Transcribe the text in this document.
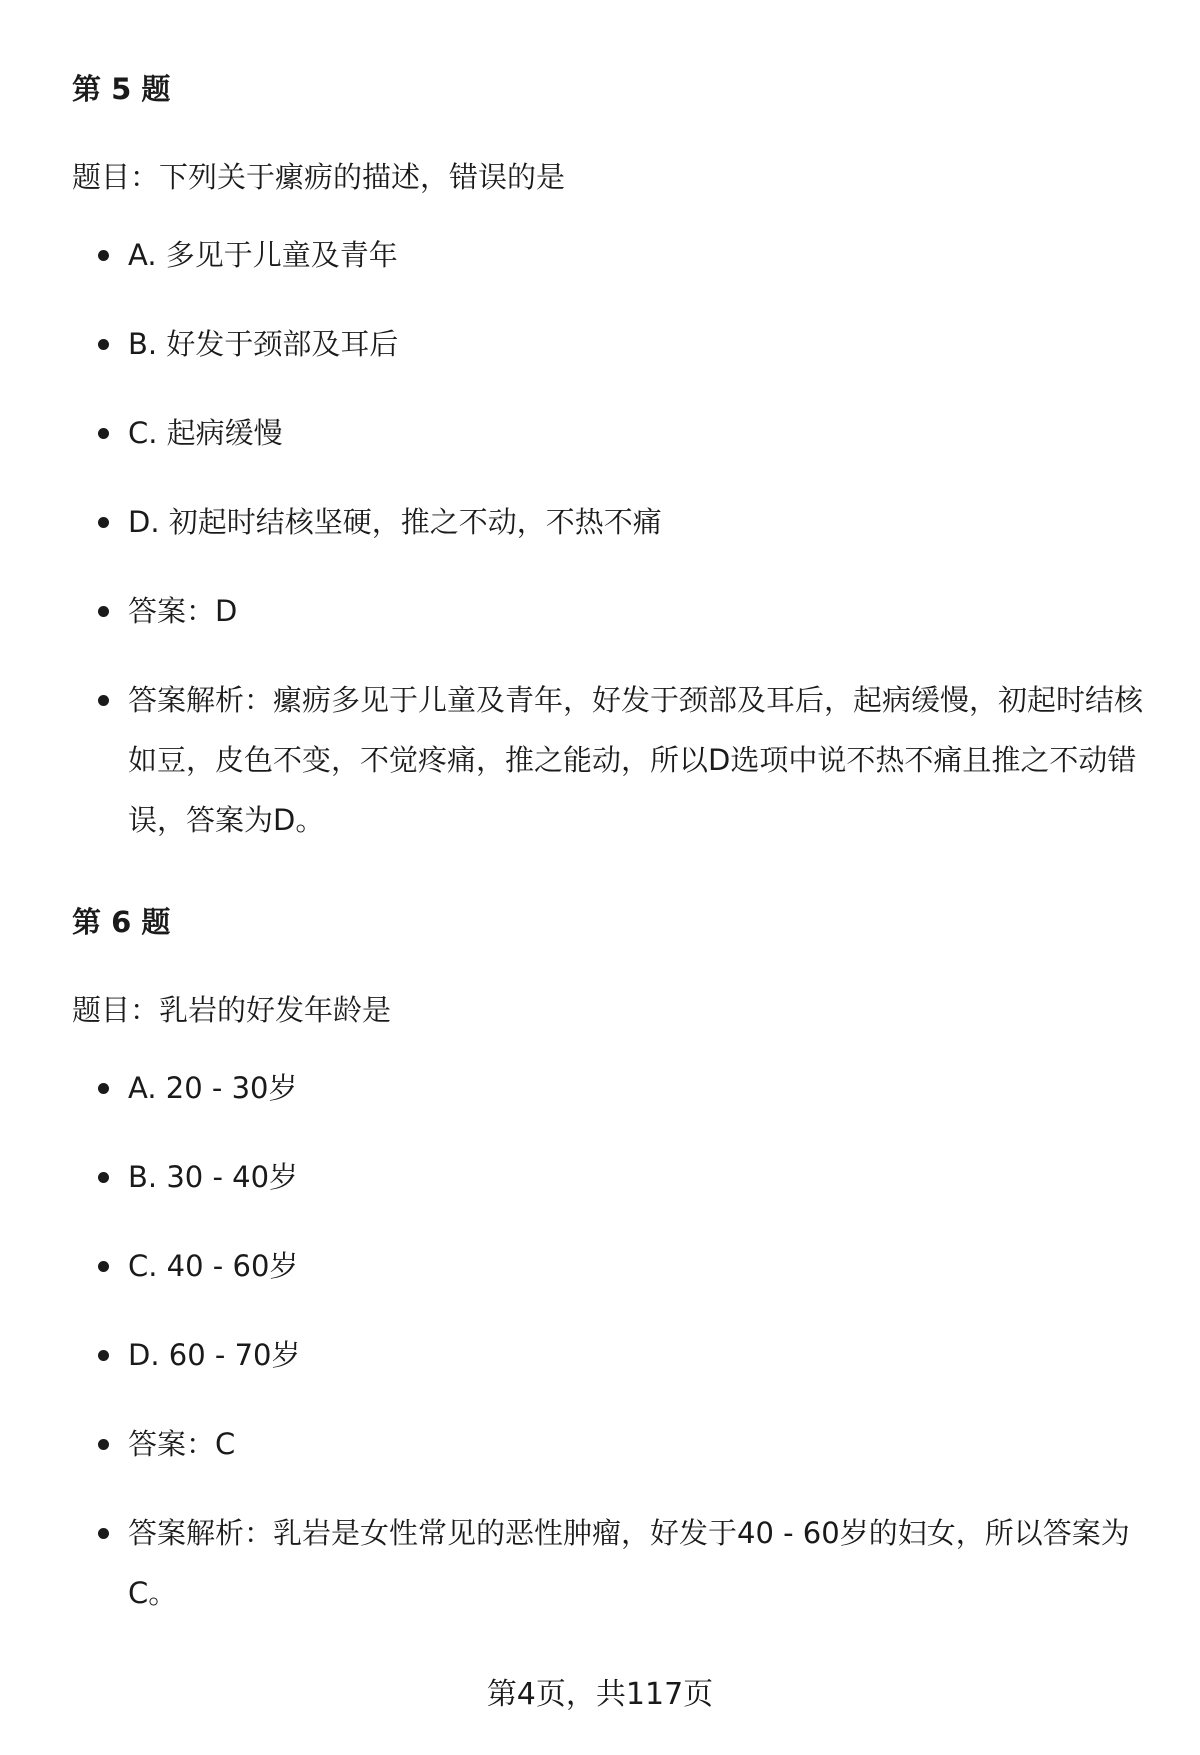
第 5 题

题目：下列关于瘰疬的描述，错误的是

A. 多见于儿童及青年
B. 好发于颈部及耳后
C. 起病缓慢
D. 初起时结核坚硬，推之不动，不热不痛
答案：D
答案解析：瘰疬多见于儿童及青年，好发于颈部及耳后，起病缓慢，初起时结核如豆，皮色不变，不觉疼痛，推之能动，所以D选项中说不热不痛且推之不动错误，答案为D。
第 6 题

题目：乳岩的好发年龄是

A. 20 - 30岁
B. 30 - 40岁
C. 40 - 60岁
D. 60 - 70岁
答案：C
答案解析：乳岩是女性常见的恶性肿瘤，好发于40 - 60岁的妇女，所以答案为C。
第4页，共117页
